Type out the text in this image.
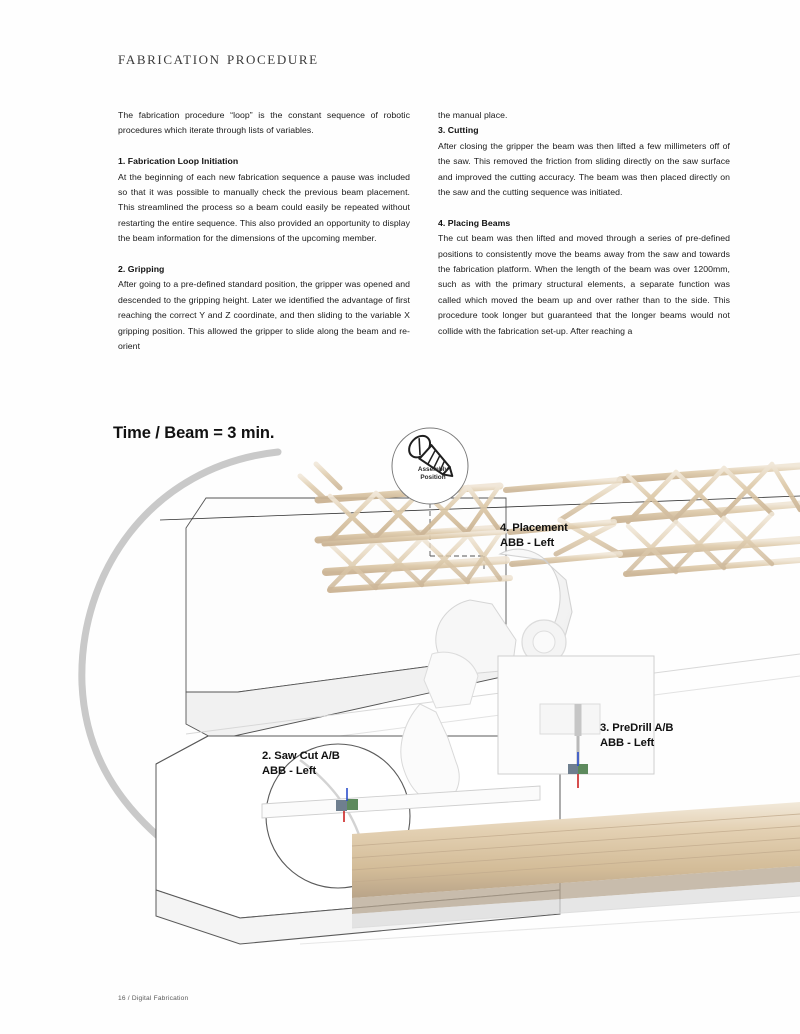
fabrication procedure

The fabrication procedure “loop” is the constant sequence of robotic procedures which iterate through lists of variables.

1. Fabrication Loop Initiation

At the beginning of each new fabrication sequence a pause was included so that it was possible to manually check the previous beam placement. This streamlined the process so a beam could easily be repeated without restarting the entire sequence. This also provided an opportunity to display the beam information for the dimensions of the upcoming member.

2. Gripping

After going to a pre-defined standard position, the gripper was opened and descended to the gripping height. Later we identified the advantage of first reaching the correct Y and Z coordinate, and then sliding to the variable X gripping position. This allowed the gripper to slide along the beam and re-orient

the manual place.

3. Cutting

After closing the gripper the beam was then lifted a few millimeters off of the saw. This removed the friction from sliding directly on the saw surface and improved the cutting accuracy. The beam was then placed directly on the saw and the cutting sequence was initiated.

4. Placing Beams

The cut beam was then lifted and moved through a series of pre-defined positions to consistently move the beams away from the saw and towards the fabrication platform. When the length of the beam was over 1200mm, such as with the primary structural elements, a separate function was called which moved the beam up and over rather than to the side. This procedure took longer but guaranteed that the longer beams would not collide with the fabrication set-up. After reaching a

Time / Beam = 3 min.
Assembly
Position
4. Placement
ABB - Left
3. PreDrill A/B
ABB - Left
2. Saw Cut A/B
ABB - Left
16 / Digital Fabrication
